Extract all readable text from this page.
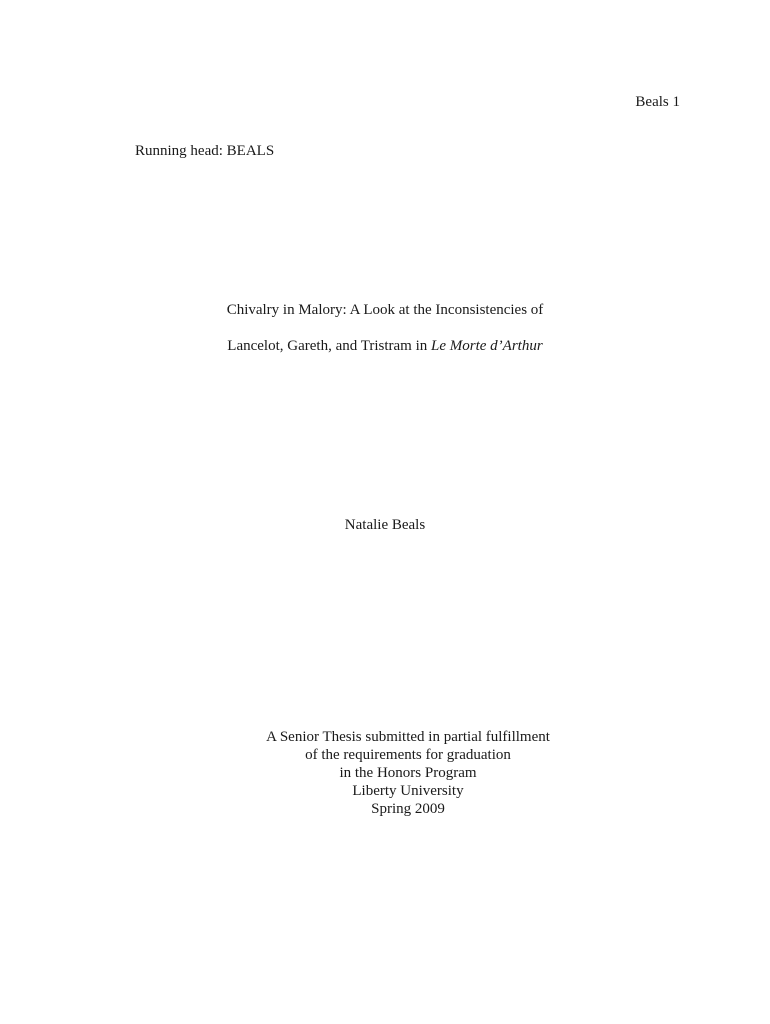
Beals 1
Running head: BEALS
Chivalry in Malory: A Look at the Inconsistencies of
Lancelot, Gareth, and Tristram in Le Morte d’Arthur
Natalie Beals
A Senior Thesis submitted in partial fulfillment
of the requirements for graduation
in the Honors Program
Liberty University
Spring 2009
